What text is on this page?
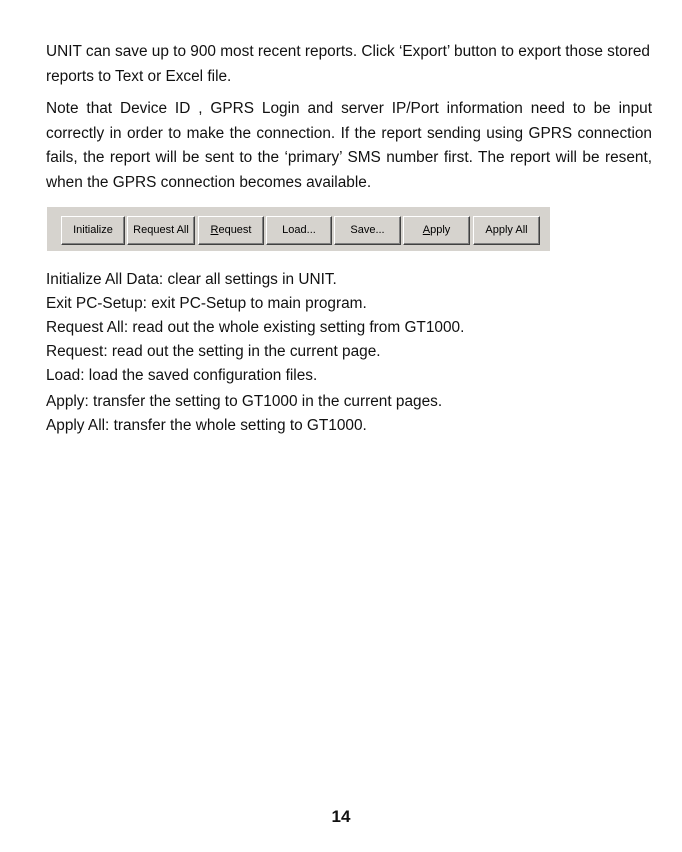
UNIT can save up to 900 most recent reports. Click ‘Export’ button to export those stored reports to Text or Excel file.

Note that Device ID , GPRS Login and server IP/Port information need to be input correctly in order to make the connection. If the report sending using GPRS connection fails, the report will be sent to the ‘primary’ SMS number first. The report will be resent, when the GPRS connection becomes available.

Initialize	Request All	Request	Load...	Save...	Apply	Apply All
Initialize All Data: clear all settings in UNIT.
Exit PC-Setup: exit PC-Setup to main program.
Request All: read out the whole existing setting from GT1000.
Request: read out the setting in the current page.
Load: load the saved configuration files.
Apply: transfer the setting to GT1000 in the current pages.
Apply All: transfer the whole setting to GT1000.
14
